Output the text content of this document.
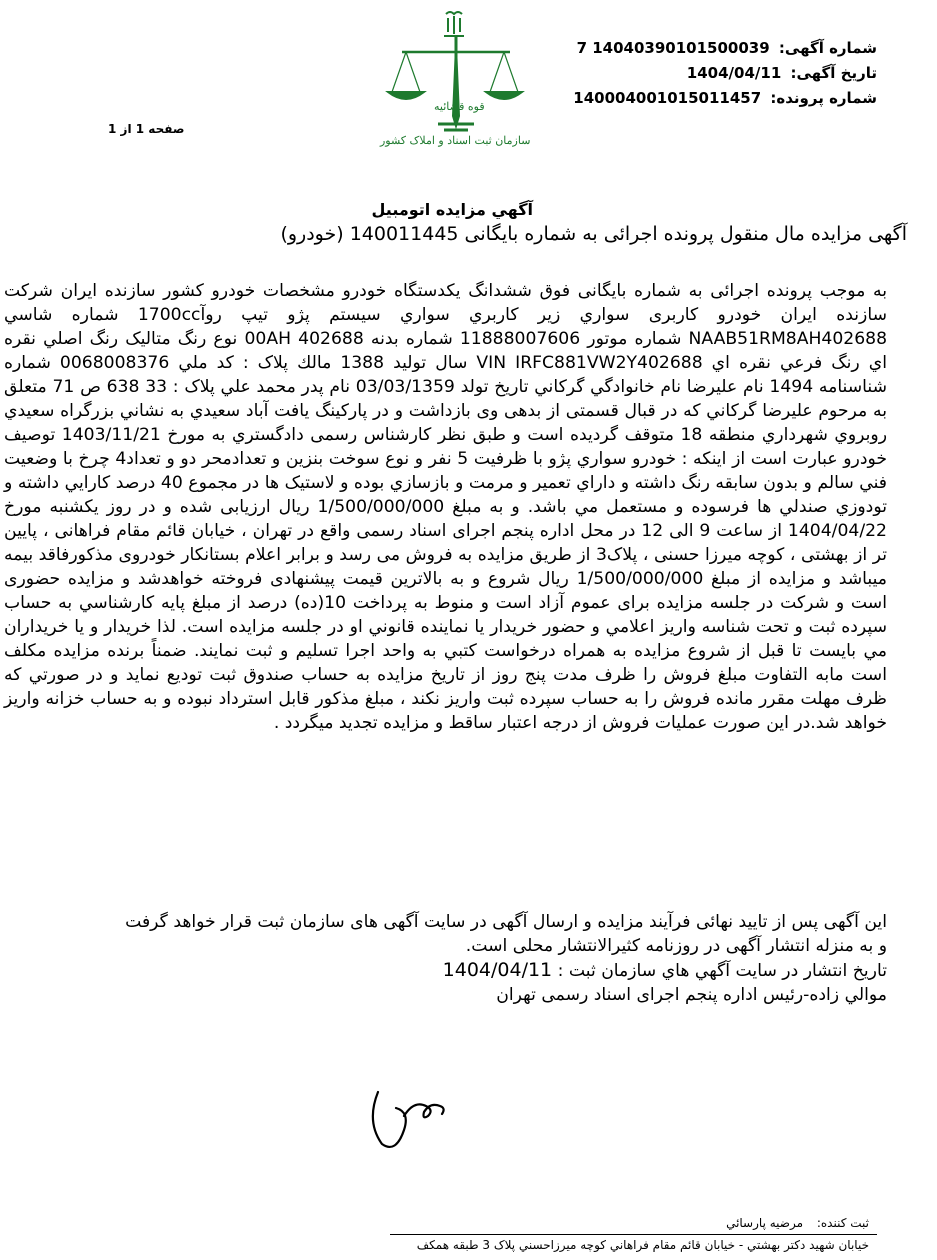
قوه قضائیه
سازمان ثبت اسناد و املاک کشور
شماره آگهی: 14040390101500039 7
تاریخ آگهی: 1404/04/11
شماره پرونده: 140004001015011457
صفحه 1 از 1
آگهي مزايده اتومبيل
آگهی مزایده مال منقول پرونده اجرائی به شماره بایگانی 140011445 (خودرو)

به موجب پرونده اجرائی به شماره بایگانی فوق ششدانگ یکدستگاه خودرو مشخصات خودرو کشور سازنده ایران شرکت سازنده ایران خودرو کاربری سواري زير کاربري سواري سيستم پژو تيپ روآ1700cc شماره شاسي NAAB51RM8AH402688 شماره موتور 11888007606 شماره بدنه 00AH 402688 نوع رنگ متاليک رنگ اصلي نقره اي رنگ فرعي نقره اي VIN IRFC881VW2Y402688 سال توليد 1388 مالك پلاک : کد ملي 0068008376 شماره شناسنامه 1494 نام عليرضا نام خانوادگي گرکاني تاريخ تولد 03/03/1359 نام پدر محمد علي پلاک : 33 638 ص 71 متعلق به مرحوم عليرضا گرکاني که در قبال قسمتی از بدهی وی بازداشت و در پارکينگ يافت آباد سعيدي به نشاني بزرگراه سعيدي روبروي شهرداري منطقه 18 متوقف گرديده است و طبق نظر کارشناس رسمی دادگستري به مورخ 1403/11/21 توصيف خودرو عبارت است از اينکه : خودرو سواري پژو با ظرفيت 5 نفر و نوع سوخت بنزين و تعدادمحر دو و تعداد4 چرخ با وضعيت فني سالم و بدون سابقه رنگ داشته و داراي تعمير و مرمت و بازسازي بوده و لاستيک ها در مجموع 40 درصد کارايي داشته و تودوزي صندلي ها فرسوده و مستعمل مي باشد. و به مبلغ 1/500/000/000 ریال ارزیابی شده و در روز یکشنبه مورخ 1404/04/22 از ساعت 9 الی 12 در محل اداره پنجم اجرای اسناد رسمی واقع در تهران ، خیابان قائم مقام فراهانی ، پایین تر از بهشتی ، کوچه میرزا حسنی ، پلاک3 از طریق مزایده به فروش می رسد و برابر اعلام بستانکار خودروی مذکورفاقد بیمه میباشد و مزایده از مبلغ 1/500/000/000 ریال شروع و به بالاترین قیمت پیشنهادی فروخته خواهدشد و مزایده حضوری است و شرکت در جلسه مزایده برای عموم آزاد است و منوط به پرداخت 10(ده) درصد از مبلغ پايه کارشناسي به حساب سپرده ثبت و تحت شناسه واريز اعلامي و حضور خريدار يا نماينده قانوني او در جلسه مزايده است. لذا خريدار و يا خريداران مي بايست تا قبل از شروع مزايده به همراه درخواست کتبي به واحد اجرا تسليم و ثبت نمايند. ضمناً برنده مزايده مکلف است مابه التفاوت مبلغ فروش را ظرف مدت پنج روز از تاريخ مزايده به حساب صندوق ثبت توديع نمايد و در صورتي که ظرف مهلت مقرر مانده فروش را به حساب سپرده ثبت واريز نکند ، مبلغ مذکور قابل استرداد نبوده و به حساب خزانه واريز خواهد شد.در اين صورت عمليات فروش از درجه اعتبار ساقط و مزايده تجديد ميگردد .

این آگهی پس از تایید نهائی فرآیند مزایده و ارسال آگهی در سایت آگهی های سازمان ثبت قرار خواهد گرفت
و به منزله انتشار آگهی در روزنامه کثیرالانتشار محلی است.
تاريخ انتشار در سايت آگهي هاي سازمان ثبت : 1404/04/11
موالي زاده-رئيس اداره پنجم اجرای اسناد رسمی تهران
ثبت کننده: مرضيه پارسائي
خيابان شهيد دكتر بهشتي - خيابان قائم مقام فراهاني كوچه ميرزاحسني پلاک 3 طبقه همكف
